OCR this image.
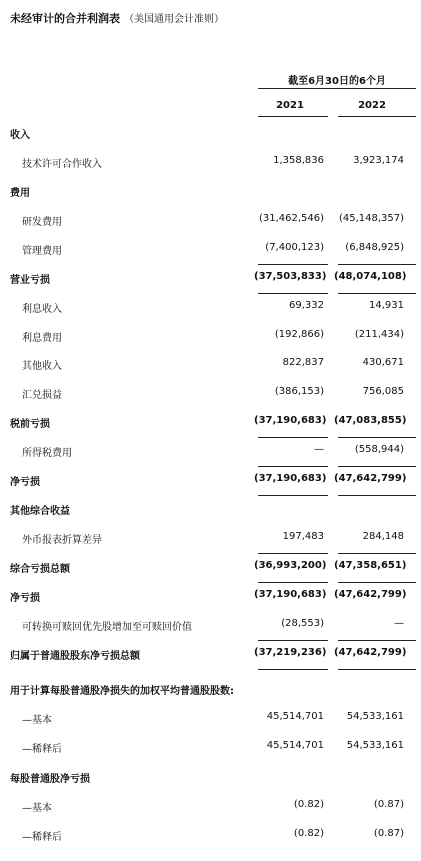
未经审计的合并利润表 （美国通用会计准则）
截至6月30日的6个月
2021	2022
收入
技术许可合作收入	1,358,836	3,923,174
费用
研发费用	(31,462,546)	(45,148,357)
管理费用	(7,400,123)	(6,848,925)
营业亏损	(37,503,833) (48,074,108)
利息收入	69,332	14,931
利息费用	(192,866)	(211,434)
其他收入	822,837	430,671
汇兑损益	(386,153)	756,085
税前亏损	(37,190,683) (47,083,855)
所得税费用	—	(558,944)
净亏损	(37,190,683) (47,642,799)
其他综合收益
外币报表折算差异	197,483	284,148
综合亏损总额	(36,993,200) (47,358,651)
净亏损	(37,190,683) (47,642,799)
可转换可赎回优先股增加至可赎回价值	(28,553)	—
归属于普通股股东净亏损总额	(37,219,236) (47,642,799)
用于计算每股普通股净损失的加权平均普通股股数:
—基本	45,514,701	54,533,161
—稀释后	45,514,701	54,533,161
每股普通股净亏损
—基本	(0.82)	(0.87)
—稀释后	(0.82)	(0.87)
